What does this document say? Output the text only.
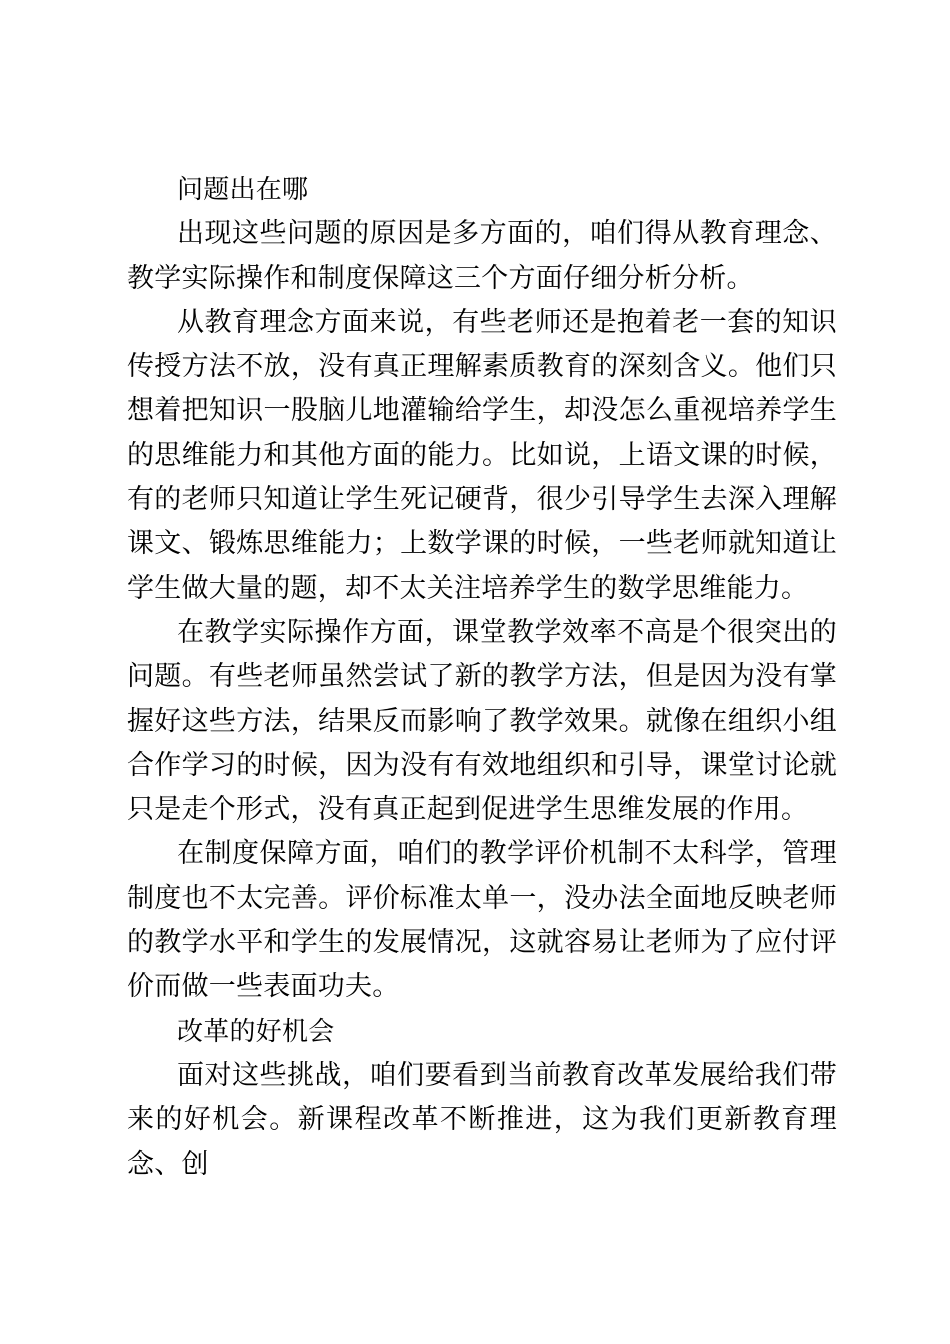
问题出在哪

出现这些问题的原因是多方面的，咱们得从教育理念、教学实际操作和制度保障这三个方面仔细分析分析。

从教育理念方面来说，有些老师还是抱着老一套的知识传授方法不放，没有真正理解素质教育的深刻含义。他们只想着把知识一股脑儿地灌输给学生，却没怎么重视培养学生的思维能力和其他方面的能力。比如说，上语文课的时候，有的老师只知道让学生死记硬背，很少引导学生去深入理解课文、锻炼思维能力；上数学课的时候，一些老师就知道让学生做大量的题，却不太关注培养学生的数学思维能力。

在教学实际操作方面，课堂教学效率不高是个很突出的问题。有些老师虽然尝试了新的教学方法，但是因为没有掌握好这些方法，结果反而影响了教学效果。就像在组织小组合作学习的时候，因为没有有效地组织和引导，课堂讨论就只是走个形式，没有真正起到促进学生思维发展的作用。

在制度保障方面，咱们的教学评价机制不太科学，管理制度也不太完善。评价标准太单一，没办法全面地反映老师的教学水平和学生的发展情况，这就容易让老师为了应付评价而做一些表面功夫。

改革的好机会

面对这些挑战，咱们要看到当前教育改革发展给我们带来的好机会。新课程改革不断推进，这为我们更新教育理念、创
